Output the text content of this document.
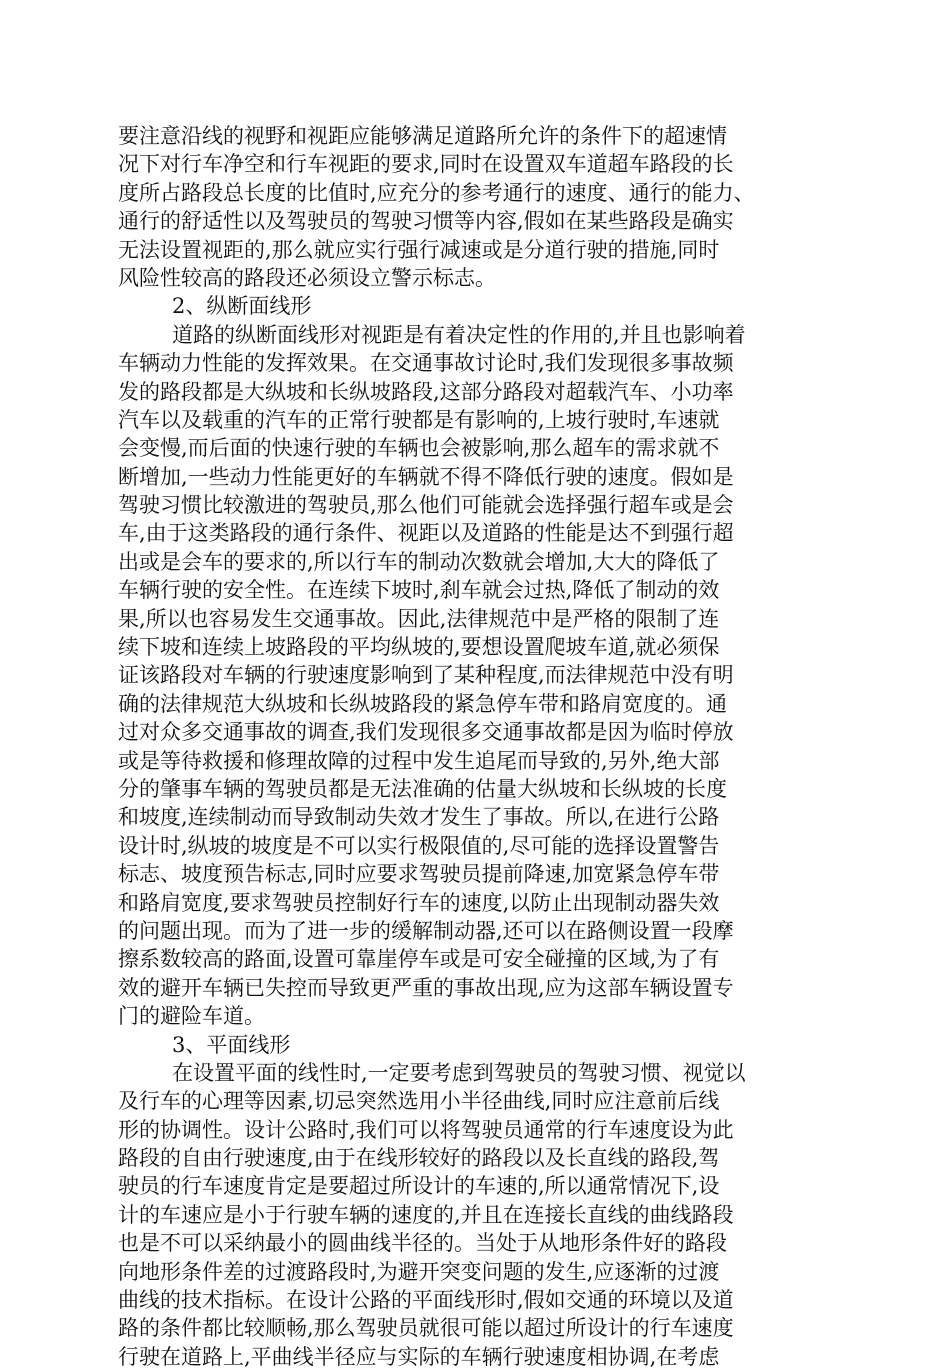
要注意沿线的视野和视距应能够满足道路所允许的条件下的超速情
况下对行车净空和行车视距的要求,同时在设置双车道超车路段的长
度所占路段总长度的比值时,应充分的参考通行的速度、通行的能力、
通行的舒适性以及驾驶员的驾驶习惯等内容,假如在某些路段是确实
无法设置视距的,那么就应实行强行减速或是分道行驶的措施,同时
风险性较高的路段还必须设立警示标志。
2、纵断面线形
道路的纵断面线形对视距是有着决定性的作用的,并且也影响着
车辆动力性能的发挥效果。在交通事故讨论时,我们发现很多事故频
发的路段都是大纵坡和长纵坡路段,这部分路段对超载汽车、小功率
汽车以及载重的汽车的正常行驶都是有影响的,上坡行驶时,车速就
会变慢,而后面的快速行驶的车辆也会被影响,那么超车的需求就不
断增加,一些动力性能更好的车辆就不得不降低行驶的速度。假如是
驾驶习惯比较激进的驾驶员,那么他们可能就会选择强行超车或是会
车,由于这类路段的通行条件、视距以及道路的性能是达不到强行超
出或是会车的要求的,所以行车的制动次数就会增加,大大的降低了
车辆行驶的安全性。在连续下坡时,刹车就会过热,降低了制动的效
果,所以也容易发生交通事故。因此,法律规范中是严格的限制了连
续下坡和连续上坡路段的平均纵坡的,要想设置爬坡车道,就必须保
证该路段对车辆的行驶速度影响到了某种程度,而法律规范中没有明
确的法律规范大纵坡和长纵坡路段的紧急停车带和路肩宽度的。通
过对众多交通事故的调查,我们发现很多交通事故都是因为临时停放
或是等待救援和修理故障的过程中发生追尾而导致的,另外,绝大部
分的肇事车辆的驾驶员都是无法准确的估量大纵坡和长纵坡的长度
和坡度,连续制动而导致制动失效才发生了事故。所以,在进行公路
设计时,纵坡的坡度是不可以实行极限值的,尽可能的选择设置警告
标志、坡度预告标志,同时应要求驾驶员提前降速,加宽紧急停车带
和路肩宽度,要求驾驶员控制好行车的速度,以防止出现制动器失效
的问题出现。而为了进一步的缓解制动器,还可以在路侧设置一段摩
擦系数较高的路面,设置可靠崖停车或是可安全碰撞的区域,为了有
效的避开车辆已失控而导致更严重的事故出现,应为这部车辆设置专
门的避险车道。
3、平面线形
在设置平面的线性时,一定要考虑到驾驶员的驾驶习惯、视觉以
及行车的心理等因素,切忌突然选用小半径曲线,同时应注意前后线
形的协调性。设计公路时,我们可以将驾驶员通常的行车速度设为此
路段的自由行驶速度,由于在线形较好的路段以及长直线的路段,驾
驶员的行车速度肯定是要超过所设计的车速的,所以通常情况下,设
计的车速应是小于行驶车辆的速度的,并且在连接长直线的曲线路段
也是不可以采纳最小的圆曲线半径的。当处于从地形条件好的路段
向地形条件差的过渡路段时,为避开突变问题的发生,应逐渐的过渡
曲线的技术指标。在设计公路的平面线形时,假如交通的环境以及道
路的条件都比较顺畅,那么驾驶员就很可能以超过所设计的行车速度
行驶在道路上,平曲线半径应与实际的车辆行驶速度相协调,在考虑
